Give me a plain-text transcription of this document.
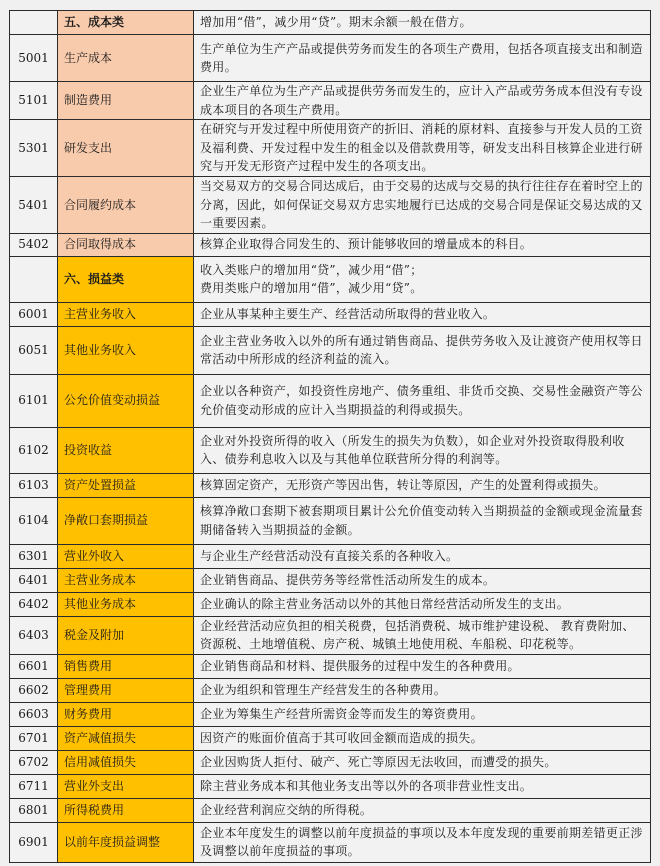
	五、成本类	增加用“借”，减少用“贷”。期末余额一般在借方。

5001	生产成本	生产单位为生产产品或提供劳务而发生的各项生产费用，包括各项直接支出和制造费用。
5101	制造费用	企业生产单位为生产产品或提供劳务而发生的，应计入产品或劳务成本但没有专设成本项目的各项生产费用。
5301	研发支出	在研究与开发过程中所使用资产的折旧、消耗的原材料、直接参与开发人员的工资及福利费、开发过程中发生的租金以及借款费用等，研发支出科目核算企业进行研究与开发无形资产过程中发生的各项支出。
5401	合同履约成本	当交易双方的交易合同达成后，由于交易的达成与交易的执行往往存在着时空上的分离，因此，如何保证交易双方忠实地履行已达成的交易合同是保证交易达成的又一重要因素。
5402	合同取得成本	核算企业取得合同发生的、预计能够收回的增量成本的科目。
	六、损益类	收入类账户的增加用“贷”，减少用“借”；
费用类账户的增加用“借”，减少用“贷”。

6001	主营业务收入	企业从事某种主要生产、经营活动所取得的营业收入。
6051	其他业务收入	企业主营业务收入以外的所有通过销售商品、提供劳务收入及让渡资产使用权等日常活动中所形成的经济利益的流入。
6101	公允价值变动损益	企业以各种资产，如投资性房地产、债务重组、非货币交换、交易性金融资产等公允价值变动形成的应计入当期损益的利得或损失。
6102	投资收益	企业对外投资所得的收入（所发生的损失为负数），如企业对外投资取得股利收入、债券利息收入以及与其他单位联营所分得的利润等。
6103	资产处置损益	核算固定资产，无形资产等因出售，转让等原因，产生的处置利得或损失。
6104	净敞口套期损益	核算净敞口套期下被套期项目累计公允价值变动转入当期损益的金额或现金流量套期储备转入当期损益的金额。
6301	营业外收入	与企业生产经营活动没有直接关系的各种收入。
6401	主营业务成本	企业销售商品、提供劳务等经常性活动所发生的成本。
6402	其他业务成本	企业确认的除主营业务活动以外的其他日常经营活动所发生的支出。
6403	税金及附加	企业经营活动应负担的相关税费，包括消费税、城市维护建设税、 教育费附加、资源税、土地增值税、房产税、城镇土地使用税、车船税、印花税等。
6601	销售费用	企业销售商品和材料、提供服务的过程中发生的各种费用。
6602	管理费用	企业为组织和管理生产经营发生的各种费用。
6603	财务费用	企业为筹集生产经营所需资金等而发生的筹资费用。
6701	资产减值损失	因资产的账面价值高于其可收回金额而造成的损失。
6702	信用减值损失	企业因购货人拒付、破产、死亡等原因无法收回，而遭受的损失。
6711	营业外支出	除主营业务成本和其他业务支出等以外的各项非营业性支出。
6801	所得税费用	企业经营利润应交纳的所得税。
6901	以前年度损益调整	企业本年度发生的调整以前年度损益的事项以及本年度发现的重要前期差错更正涉及调整以前年度损益的事项。
